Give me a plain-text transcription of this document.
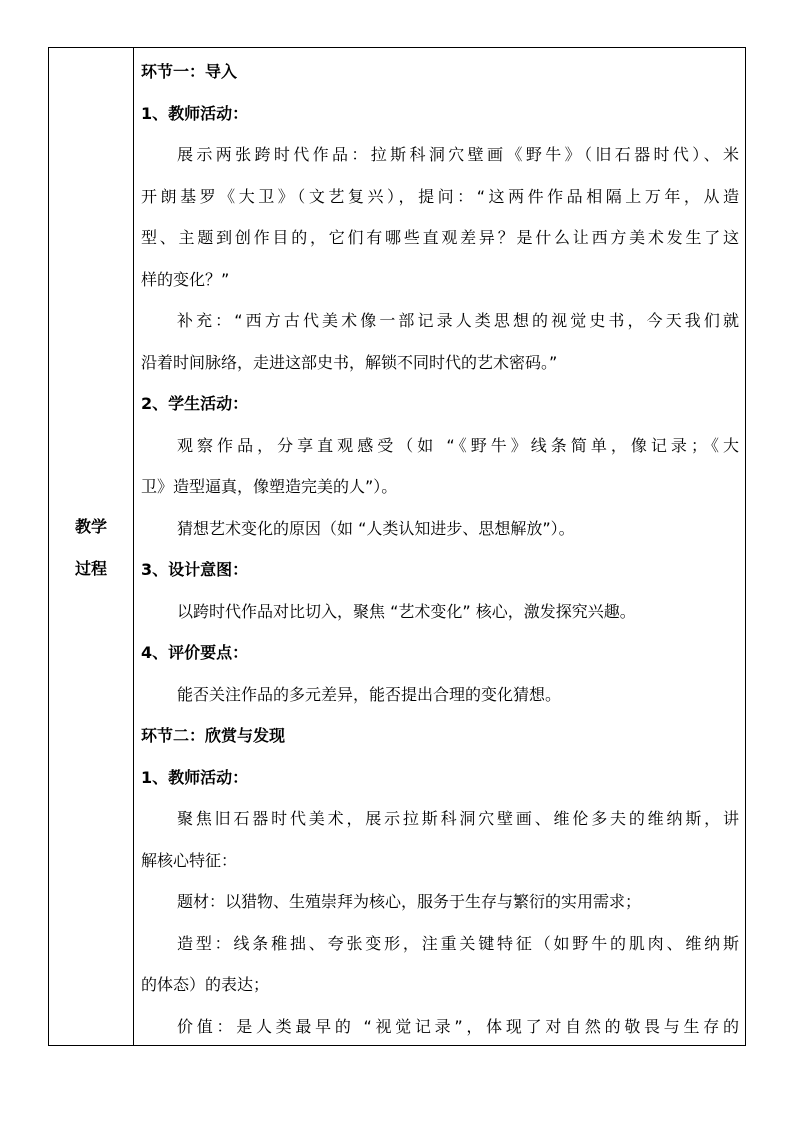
教学
过程
环节一：导入
1、教师活动：
展示两张跨时代作品：拉斯科洞穴壁画《野牛》（旧石器时代）、米
开朗基罗《大卫》（文艺复兴），提问：“这两件作品相隔上万年，从造
型、主题到创作目的，它们有哪些直观差异？是什么让西方美术发生了这
样的变化？”
补充：“西方古代美术像一部记录人类思想的视觉史书，今天我们就
沿着时间脉络，走进这部史书，解锁不同时代的艺术密码。”
2、学生活动：
观察作品，分享直观感受（如 “《野牛》线条简单，像记录；《大
卫》造型逼真，像塑造完美的人”）。
猜想艺术变化的原因（如 “人类认知进步、思想解放”）。
3、设计意图：
以跨时代作品对比切入，聚焦 “艺术变化” 核心，激发探究兴趣。
4、评价要点：
能否关注作品的多元差异，能否提出合理的变化猜想。
环节二：欣赏与发现
1、教师活动：
聚焦旧石器时代美术，展示拉斯科洞穴壁画、维伦多夫的维纳斯，讲
解核心特征：
题材：以猎物、生殖崇拜为核心，服务于生存与繁衍的实用需求；
造型：线条稚拙、夸张变形，注重关键特征（如野牛的肌肉、维纳斯
的体态）的表达；
价值：是人类最早的 “视觉记录”，体现了对自然的敬畏与生存的
